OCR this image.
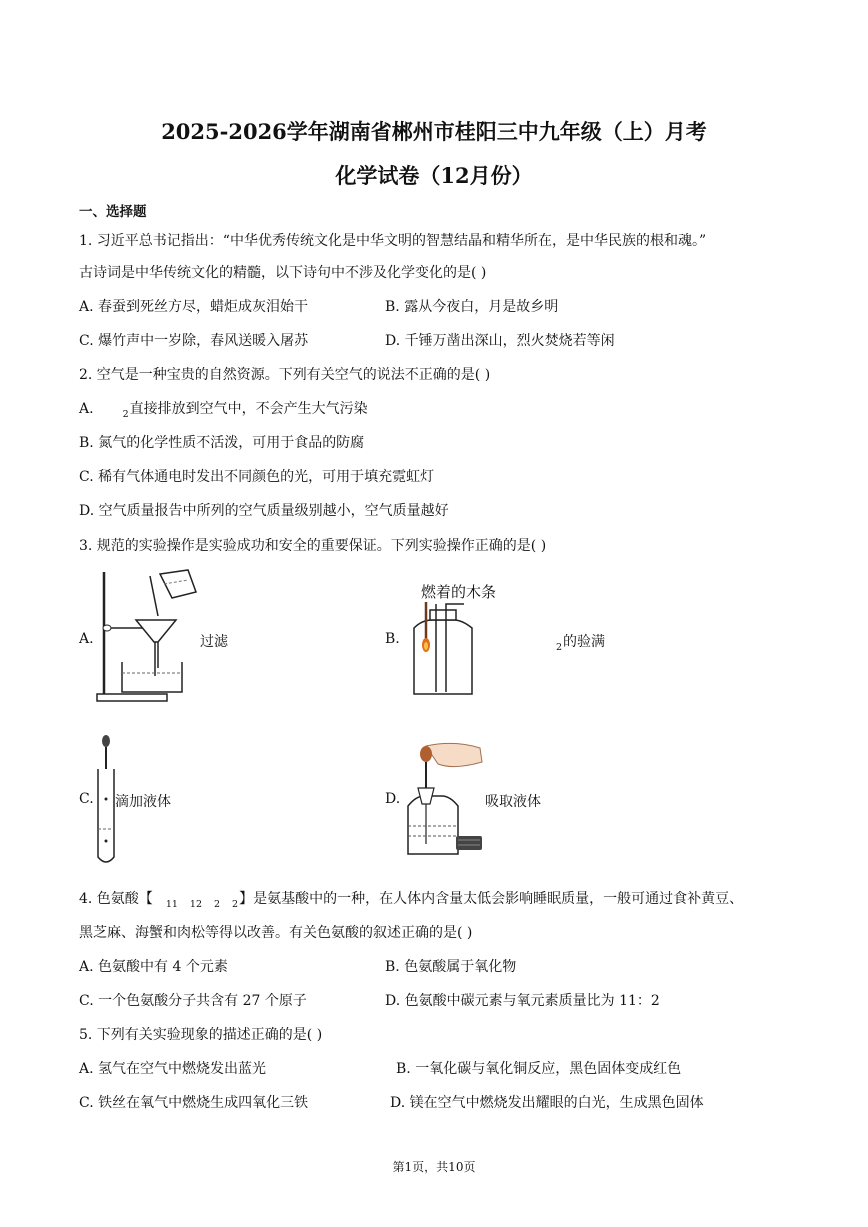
2025-2026学年湖南省郴州市桂阳三中九年级（上）月考
化学试卷（12月份）
一、选择题
1. 习近平总书记指出：“中华优秀传统文化是中华文明的智慧结晶和精华所在，是中华民族的根和魂。”
古诗词是中华传统文化的精髓，以下诗句中不涉及化学变化的是( )
A. 春蚕到死丝方尽，蜡炬成灰泪始干	B. 露从今夜白，月是故乡明
C. 爆竹声中一岁除，春风送暖入屠苏	D. 千锤万凿出深山，烈火焚烧若等闲
2. 空气是一种宝贵的自然资源。下列有关空气的说法不正确的是( )
A.	$_2$直接排放到空气中，不会产生大气污染
B. 氮气的化学性质不活泼，可用于食品的防腐
C. 稀有气体通电时发出不同颜色的光，可用于填充霓虹灯
D. 空气质量报告中所列的空气质量级别越小，空气质量越好
3. 规范的实验操作是实验成功和安全的重要保证。下列实验操作正确的是( )
A.	过滤	B.
燃着的木条
$_2$的验满
C. 滴加液体	D.	吸取液体
4. 色氨酸【 $_{11}$ $_{12}$ $_2$ $_2$】是氨基酸中的一种，在人体内含量太低会影响睡眠质量，一般可通过食补黄豆、
黑芝麻、海蟹和肉松等得以改善。有关色氨酸的叙述正确的是( )
A. 色氨酸中有 4 个元素	B. 色氨酸属于氧化物
C. 一个色氨酸分子共含有 27 个原子	D. 色氨酸中碳元素与氧元素质量比为 11：2
5. 下列有关实验现象的描述正确的是( )
A. 氢气在空气中燃烧发出蓝光	B. 一氧化碳与氧化铜反应，黑色固体变成红色
C. 铁丝在氧气中燃烧生成四氧化三铁	D. 镁在空气中燃烧发出耀眼的白光，生成黑色固体
第1页，共10页
